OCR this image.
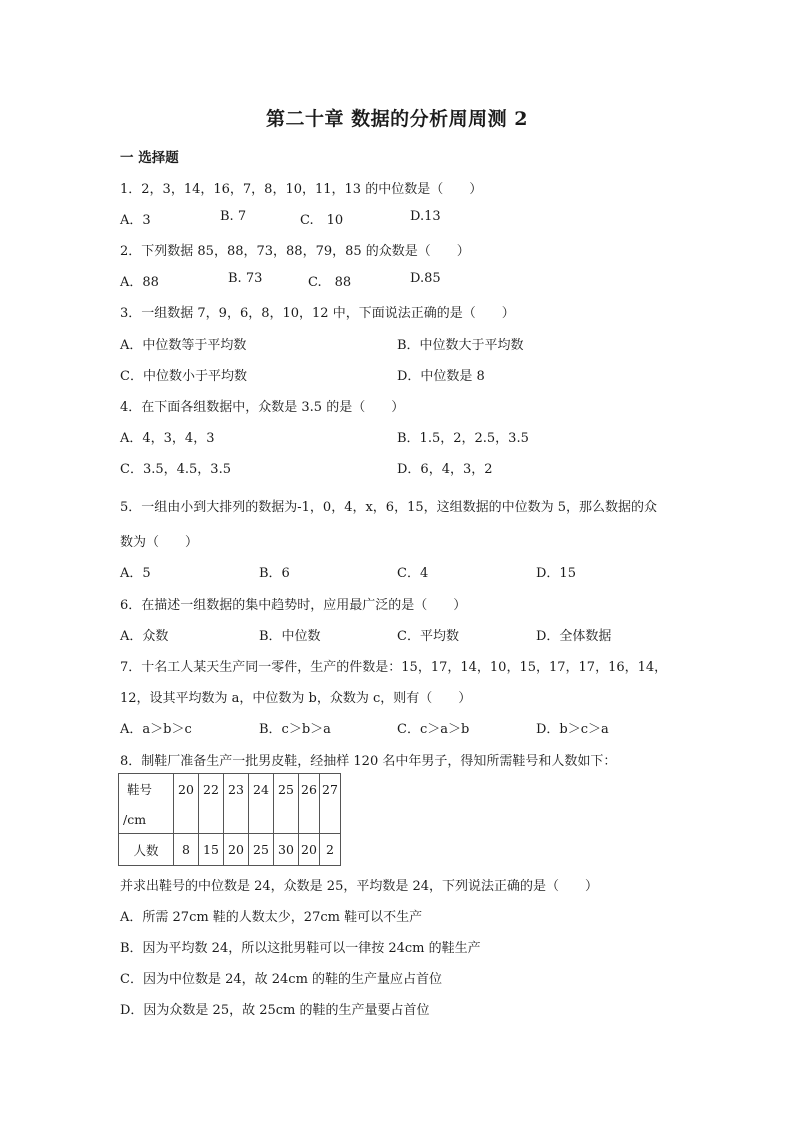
第二十章 数据的分析周周测 2
一 选择题
1．2，3，14，16，7，8，10，11，13 的中位数是（　　）
A．3	B. 7	C.　10	D.13
2．下列数据 85，88，73，88，79，85 的众数是（　　）
A．88	B. 73	C.　88	D.85
3．一组数据 7，9，6，8，10，12 中，下面说法正确的是（　　）
A．中位数等于平均数	B．中位数大于平均数
C．中位数小于平均数	D．中位数是 8
4．在下面各组数据中，众数是 3.5 的是（　　）
A．4，3，4，3	B．1.5，2，2.5，3.5
C．3.5，4.5，3.5	D．6，4，3，2
5．一组由小到大排列的数据为-1，0，4，x，6，15，这组数据的中位数为 5，那么数据的众
数为（　　）
A．5	B．6	C．4	D．15
6．在描述一组数据的集中趋势时，应用最广泛的是（　　）
A．众数	B．中位数	C．平均数	D．全体数据
7．十名工人某天生产同一零件，生产的件数是：15，17，14，10，15，17，17，16，14，
12，设其平均数为 a，中位数为 b，众数为 c，则有（　　）
A．a＞b＞c	B．c＞b＞a	C．c＞a＞b	D．b＞c＞a
8．制鞋厂准备生产一批男皮鞋，经抽样 120 名中年男子，得知所需鞋号和人数如下：
鞋号
/cm	20	22	23	24	25	26	27
人数	8	15	20	25	30	20	2
并求出鞋号的中位数是 24，众数是 25，平均数是 24，下列说法正确的是（　　）
A．所需 27cm 鞋的人数太少，27cm 鞋可以不生产
B．因为平均数 24，所以这批男鞋可以一律按 24cm 的鞋生产
C．因为中位数是 24，故 24cm 的鞋的生产量应占首位
D．因为众数是 25，故 25cm 的鞋的生产量要占首位
